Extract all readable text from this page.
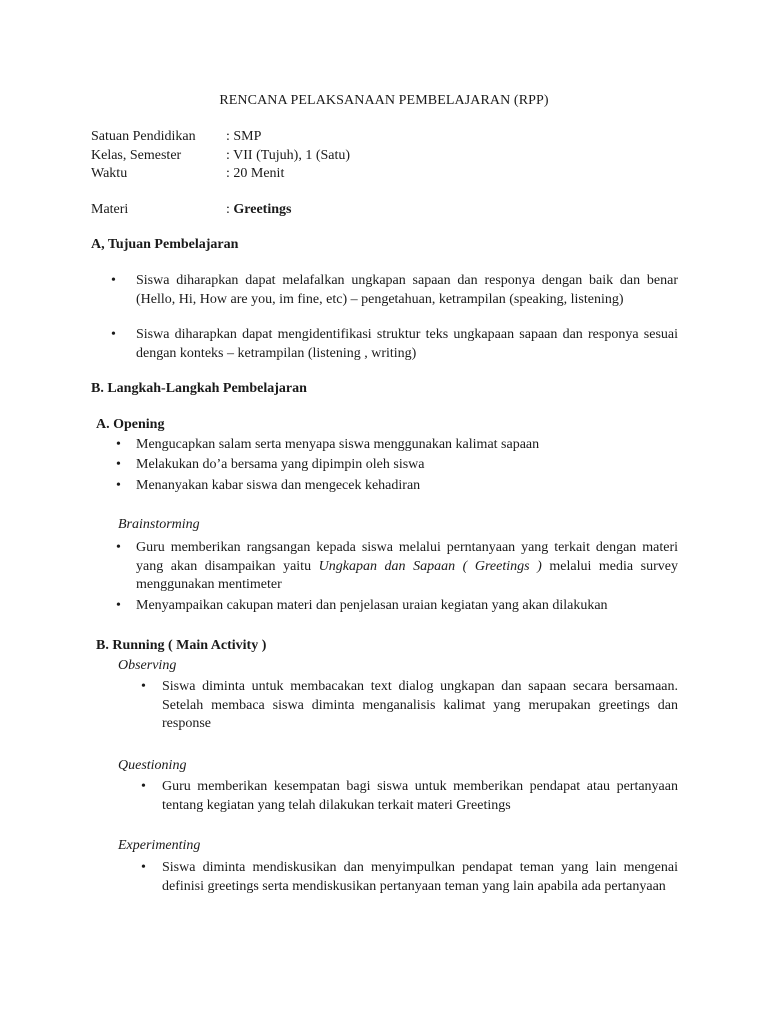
RENCANA PELAKSANAAN PEMBELAJARAN (RPP)
Satuan Pendidikan : SMP
Kelas, Semester	: VII (Tujuh), 1 (Satu)
Waktu	: 20 Menit
Materi	: Greetings
A, Tujuan Pembelajaran
• Siswa diharapkan dapat melafalkan ungkapan sapaan dan responya dengan baik dan benar (Hello, Hi, How are you, im fine, etc) – pengetahuan, ketrampilan (speaking, listening)
• Siswa diharapkan dapat mengidentifikasi struktur teks ungkapaan sapaan dan responya sesuai dengan konteks – ketrampilan (listening , writing)
B. Langkah-Langkah Pembelajaran
A. Opening
• Mengucapkan salam serta menyapa siswa menggunakan kalimat sapaan
• Melakukan do’a bersama yang dipimpin oleh siswa
• Menanyakan kabar siswa dan mengecek kehadiran
Brainstorming
• Guru memberikan rangsangan kepada siswa melalui perntanyaan yang terkait dengan materi yang akan disampaikan yaitu Ungkapan dan Sapaan ( Greetings ) melalui media survey menggunakan mentimeter
• Menyampaikan cakupan materi dan penjelasan uraian kegiatan yang akan dilakukan
B. Running ( Main Activity )
Observing
• Siswa diminta untuk membacakan text dialog ungkapan dan sapaan secara bersamaan. Setelah membaca siswa diminta menganalisis kalimat yang merupakan greetings dan response
Questioning
• Guru memberikan kesempatan bagi siswa untuk memberikan pendapat atau pertanyaan tentang kegiatan yang telah dilakukan terkait materi Greetings
Experimenting
• Siswa diminta mendiskusikan dan menyimpulkan pendapat teman yang lain mengenai definisi greetings serta mendiskusikan pertanyaan teman yang lain apabila ada pertanyaan
